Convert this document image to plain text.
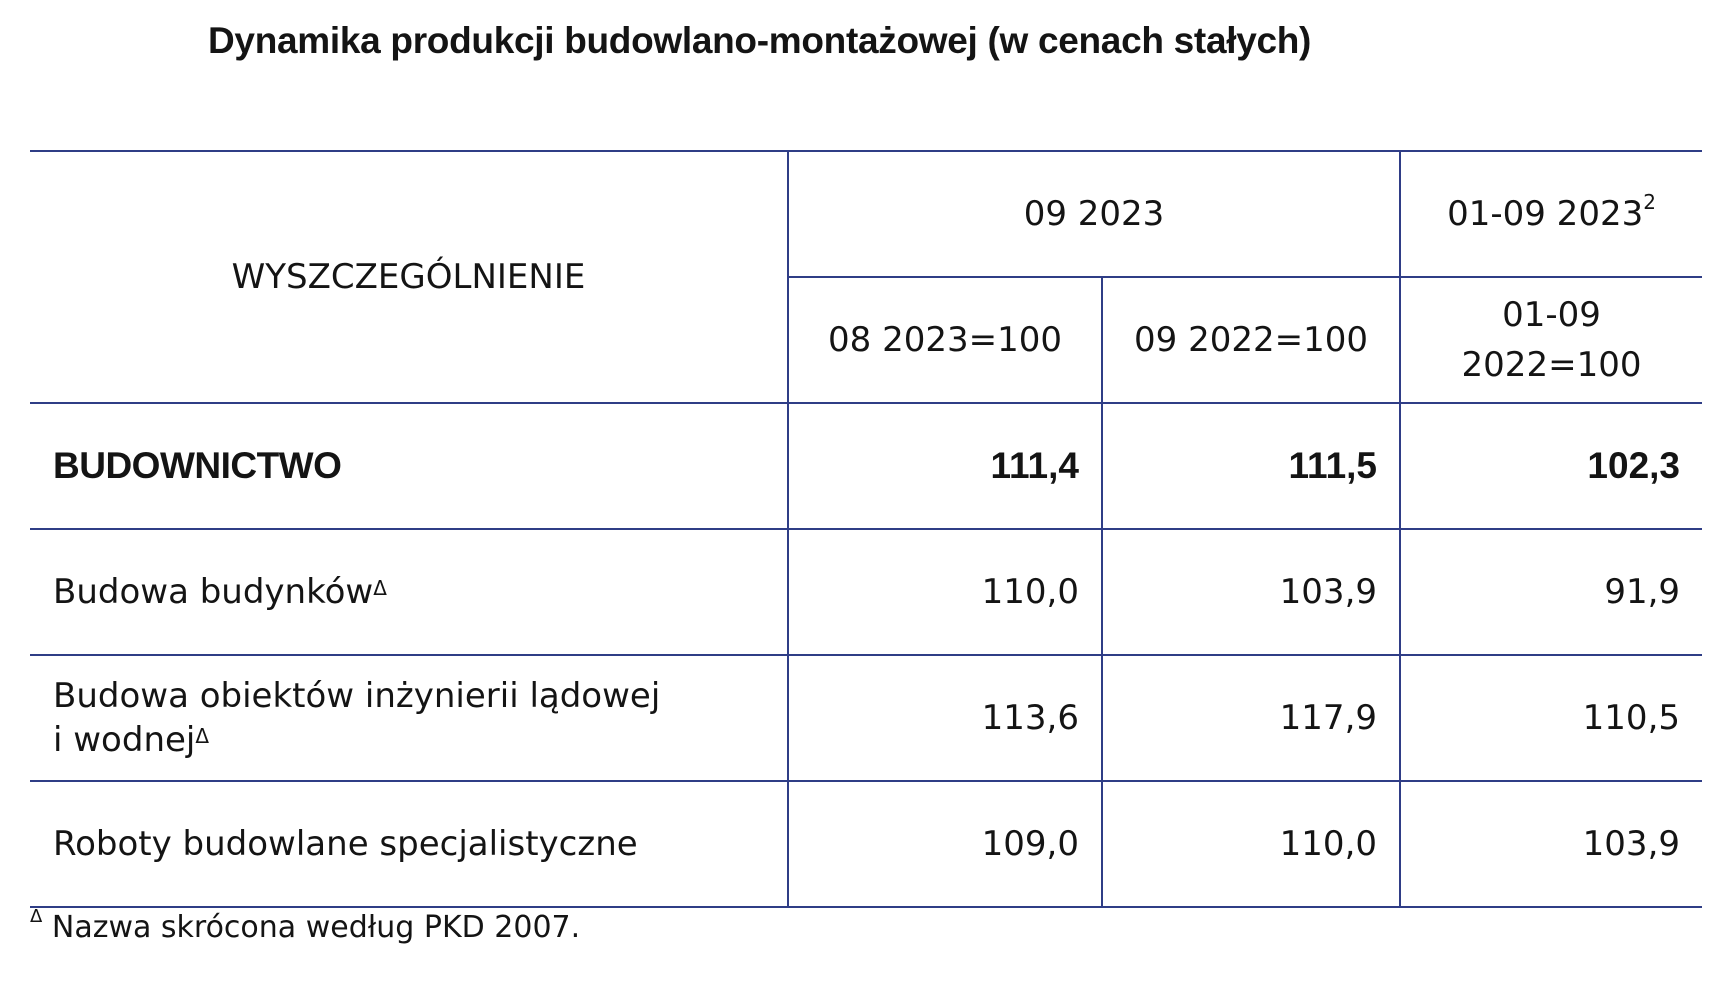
Dynamika produkcji budowlano-montażowej (w cenach stałych)
WYSZCZEGÓLNIENIE	09 2023		01-09 2023$^2$
	08 2023=100	09 2022=100	01-09
2022=100
BUDOWNICTWO	111,4	111,5	102,3
Budowa budynków$^\Delta$	110,0	103,9	91,9
Budowa obiektów inżynierii lądowej
i wodnej$^\Delta$	113,6	117,9	110,5
Roboty budowlane specjalistyczne	109,0	110,0	103,9
$^\Delta$ Nazwa skrócona według PKD 2007.
